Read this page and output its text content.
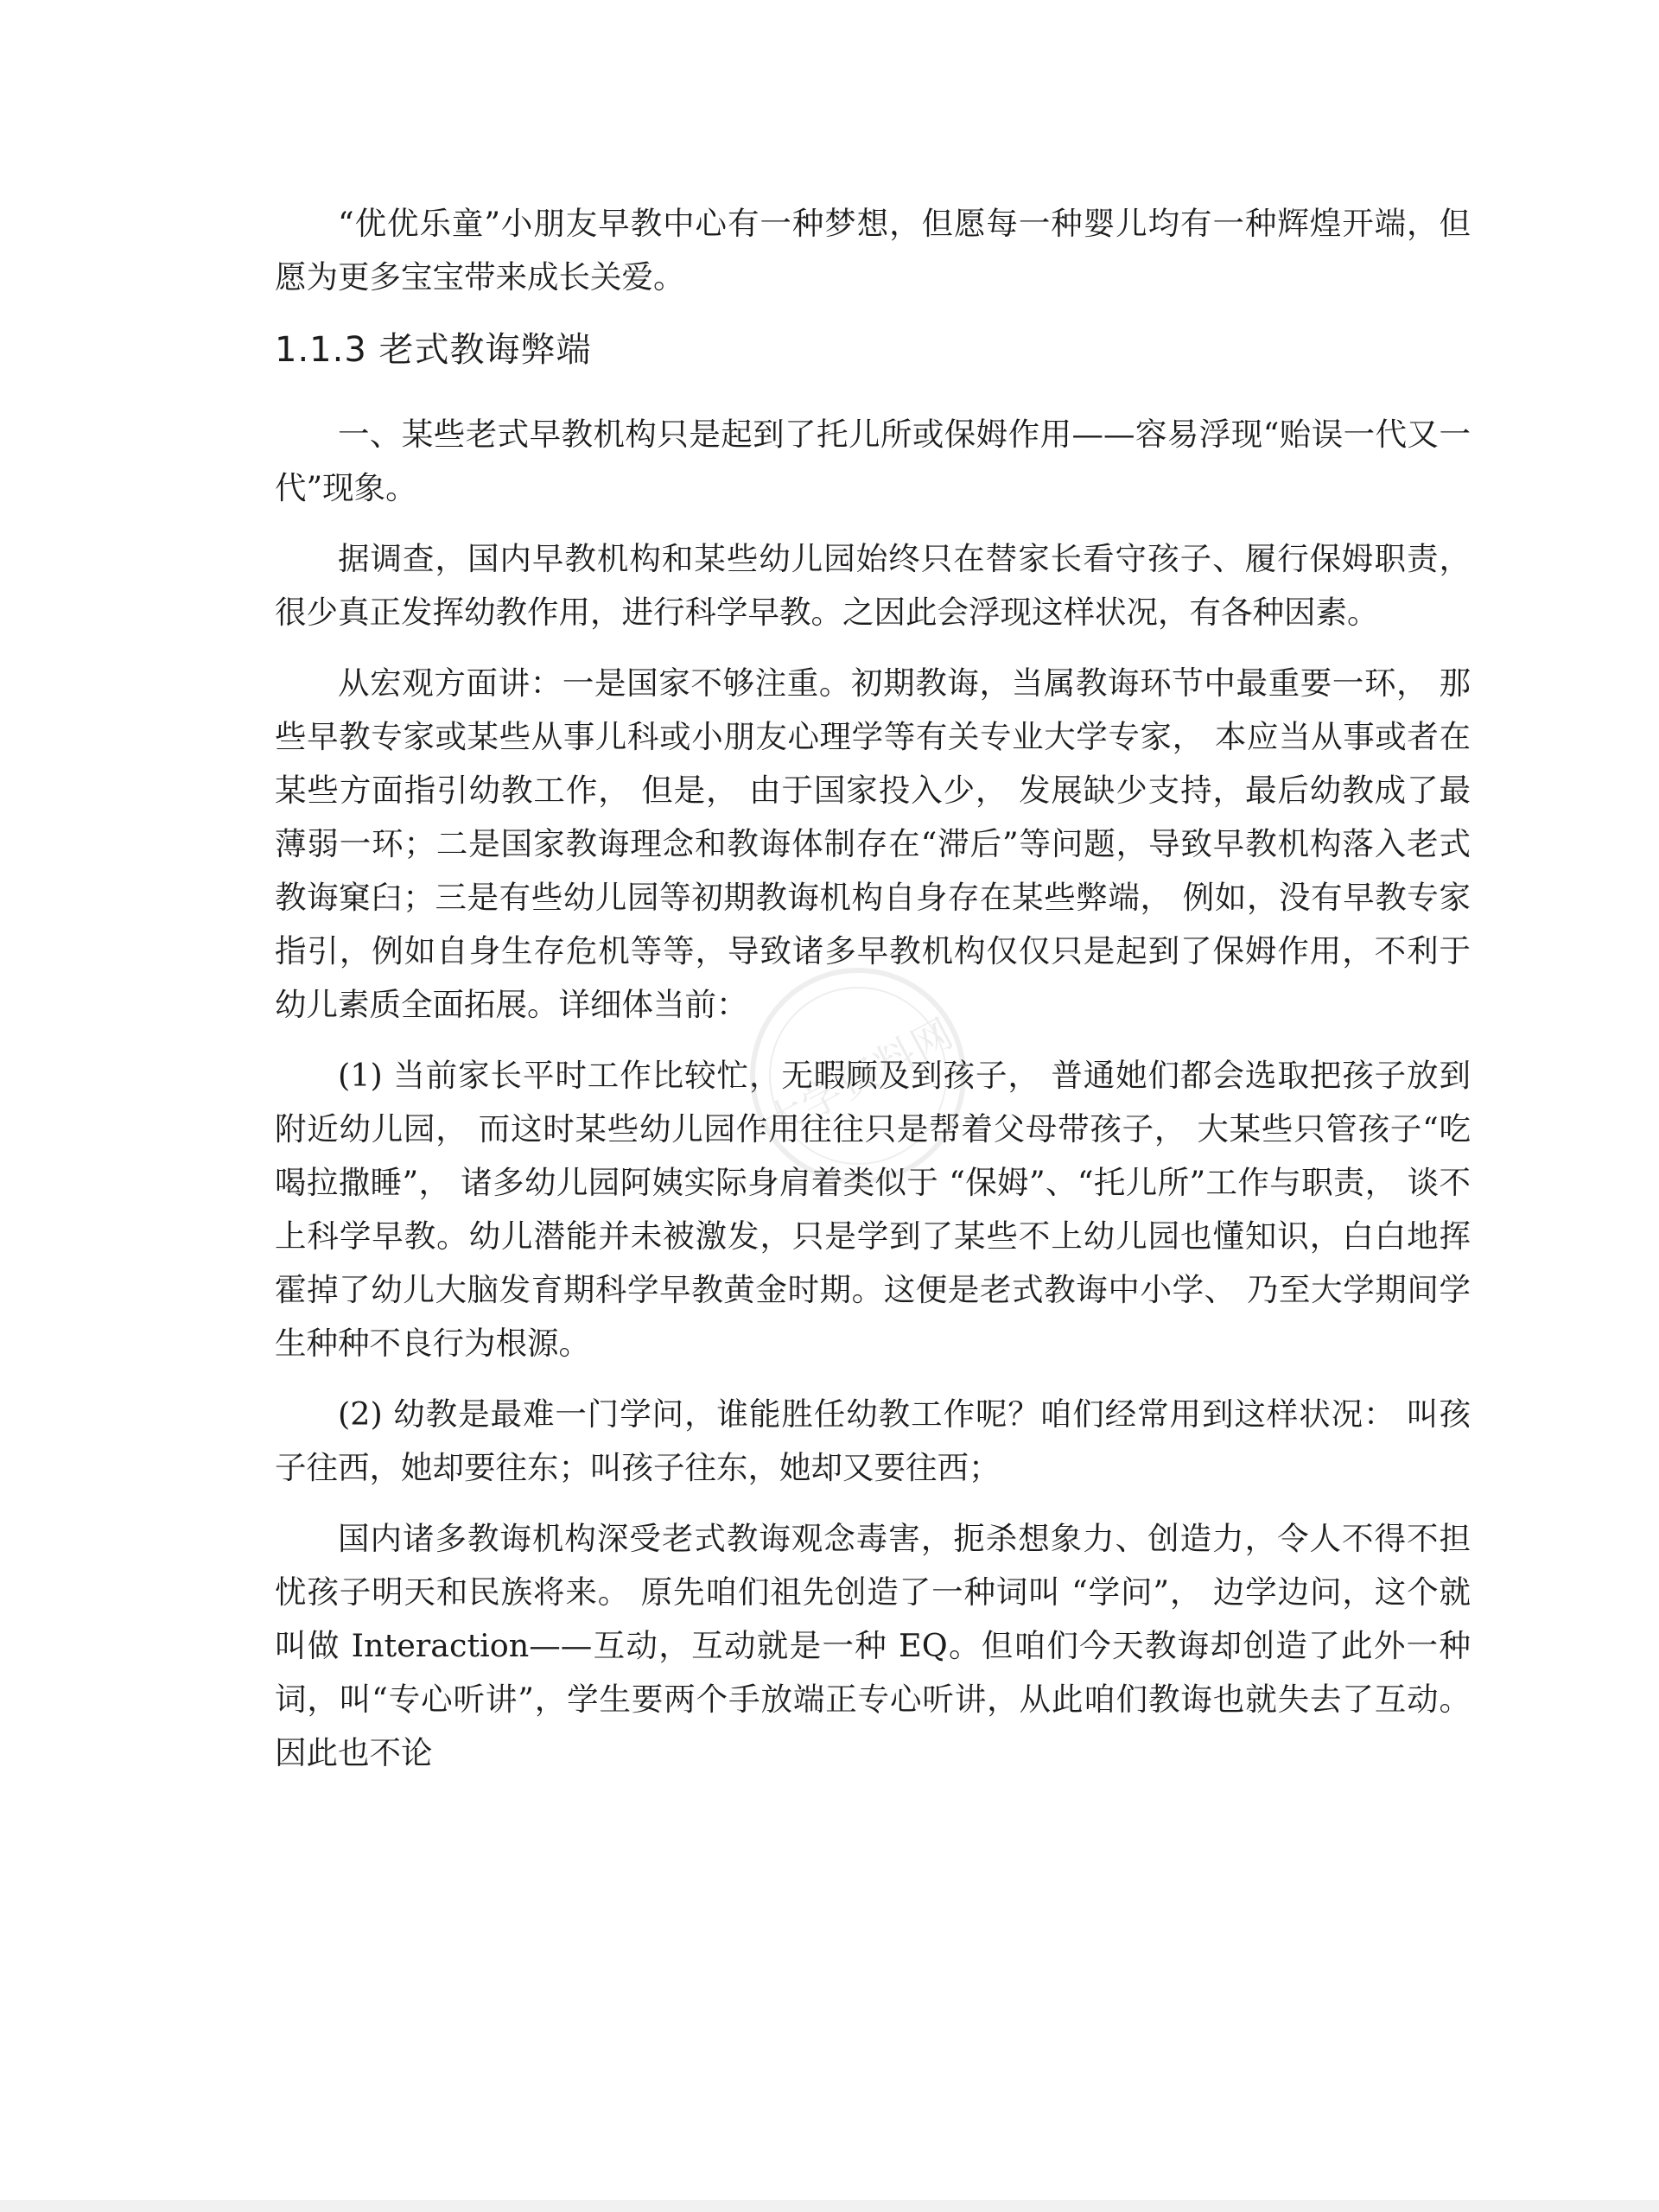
“优优乐童”小朋友早教中心有一种梦想，但愿每一种婴儿均有一种辉煌开端，但愿为更多宝宝带来成长关爱。

1.1.3 老式教诲弊端

一、某些老式早教机构只是起到了托儿所或保姆作用——容易浮现“贻误一代又一代”现象。

据调查，国内早教机构和某些幼儿园始终只在替家长看守孩子、履行保姆职责，很少真正发挥幼教作用，进行科学早教。之因此会浮现这样状况，有各种因素。

从宏观方面讲：一是国家不够注重。初期教诲，当属教诲环节中最重要一环， 那些早教专家或某些从事儿科或小朋友心理学等有关专业大学专家， 本应当从事或者在某些方面指引幼教工作， 但是， 由于国家投入少， 发展缺少支持，最后幼教成了最薄弱一环；二是国家教诲理念和教诲体制存在“滞后”等问题，导致早教机构落入老式教诲窠臼；三是有些幼儿园等初期教诲机构自身存在某些弊端， 例如，没有早教专家指引，例如自身生存危机等等，导致诸多早教机构仅仅只是起到了保姆作用，不利于幼儿素质全面拓展。详细体当前：

(1) 当前家长平时工作比较忙，无暇顾及到孩子， 普通她们都会选取把孩子放到附近幼儿园， 而这时某些幼儿园作用往往只是帮着父母带孩子， 大某些只管孩子“吃喝拉撒睡”， 诸多幼儿园阿姨实际身肩着类似于 “保姆”、“托儿所”工作与职责， 谈不上科学早教。幼儿潜能并未被激发，只是学到了某些不上幼儿园也懂知识，白白地挥霍掉了幼儿大脑发育期科学早教黄金时期。这便是老式教诲中小学、 乃至大学期间学生种种不良行为根源。

(2) 幼教是最难一门学问，谁能胜任幼教工作呢？咱们经常用到这样状况： 叫孩子往西，她却要往东；叫孩子往东，她却又要往西；

国内诸多教诲机构深受老式教诲观念毒害，扼杀想象力、创造力，令人不得不担忧孩子明天和民族将来。 原先咱们祖先创造了一种词叫 “学问”， 边学边问，这个就叫做 Interaction——互动，互动就是一种 EQ。但咱们今天教诲却创造了此外一种词，叫“专心听讲”，学生要两个手放端正专心听讲，从此咱们教诲也就失去了互动。因此也不论

大学资料网
